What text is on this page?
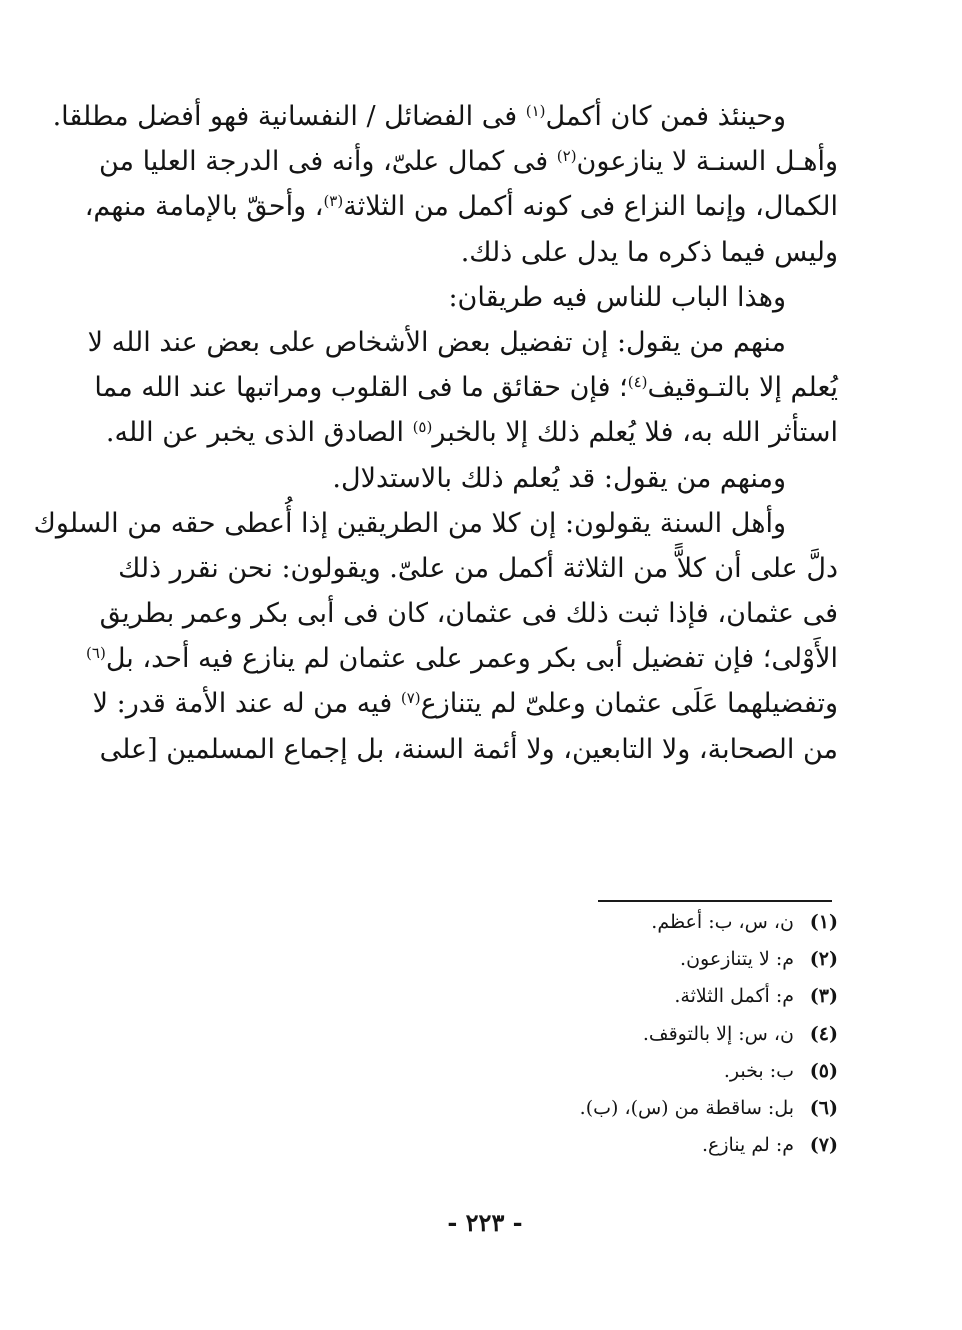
وحينئذ فمن كان أكمل$^{(١)}$ فى الفضائل / النفسانية فهو أفضل مطلقا.
وأهـل السنـة لا ينازعون$^{(٢)}$ فى كمال علىّ، وأنه فى الدرجة العليا من
الكمال، وإنما النزاع فى كونه أكمل من الثلاثة$^{(٣)}$، وأحقّ بالإمامة منهم،
وليس فيما ذكره ما يدل على ذلك.
وهذا الباب للناس فيه طريقان:
منهم من يقول: إن تفضيل بعض الأشخاص على بعض عند الله لا
يُعلم إلا بالتـوقيف$^{(٤)}$؛ فإن حقائق ما فى القلوب ومراتبها عند الله مما
استأثر الله به، فلا يُعلم ذلك إلا بالخبر$^{(٥)}$ الصادق الذى يخبر عن الله.
ومنهم من يقول: قد يُعلم ذلك بالاستدلال.
وأهل السنة يقولون: إن كلا من الطريقين إذا أُعطى حقه من السلوك
دلَّ على أن كلاًّ من الثلاثة أكمل من علىّ. ويقولون: نحن نقرر ذلك
فى عثمان، فإذا ثبت ذلك فى عثمان، كان فى أبى بكر وعمر بطريق
الأَوْلى؛ فإن تفضيل أبى بكر وعمر على عثمان لم ينازع فيه أحد، بل$^{(٦)}$
وتفضيلهما عَلَى عثمان وعلىّ لم يتنازع$^{(٧)}$ فيه من له عند الأمة قدر: لا
من الصحابة، ولا التابعين، ولا أئمة السنة، بل إجماع المسلمين [على
(١)ن، س، ب: أعظم.
(٢)م: لا يتنازعون.
(٣)م: أكمل الثلاثة.
(٤)ن، س: إلا بالتوقف.
(٥)ب: بخبر.
(٦)بل: ساقطة من (س)، (ب).
(٧)م: لم ينازع.
- ٢٢٣ -
